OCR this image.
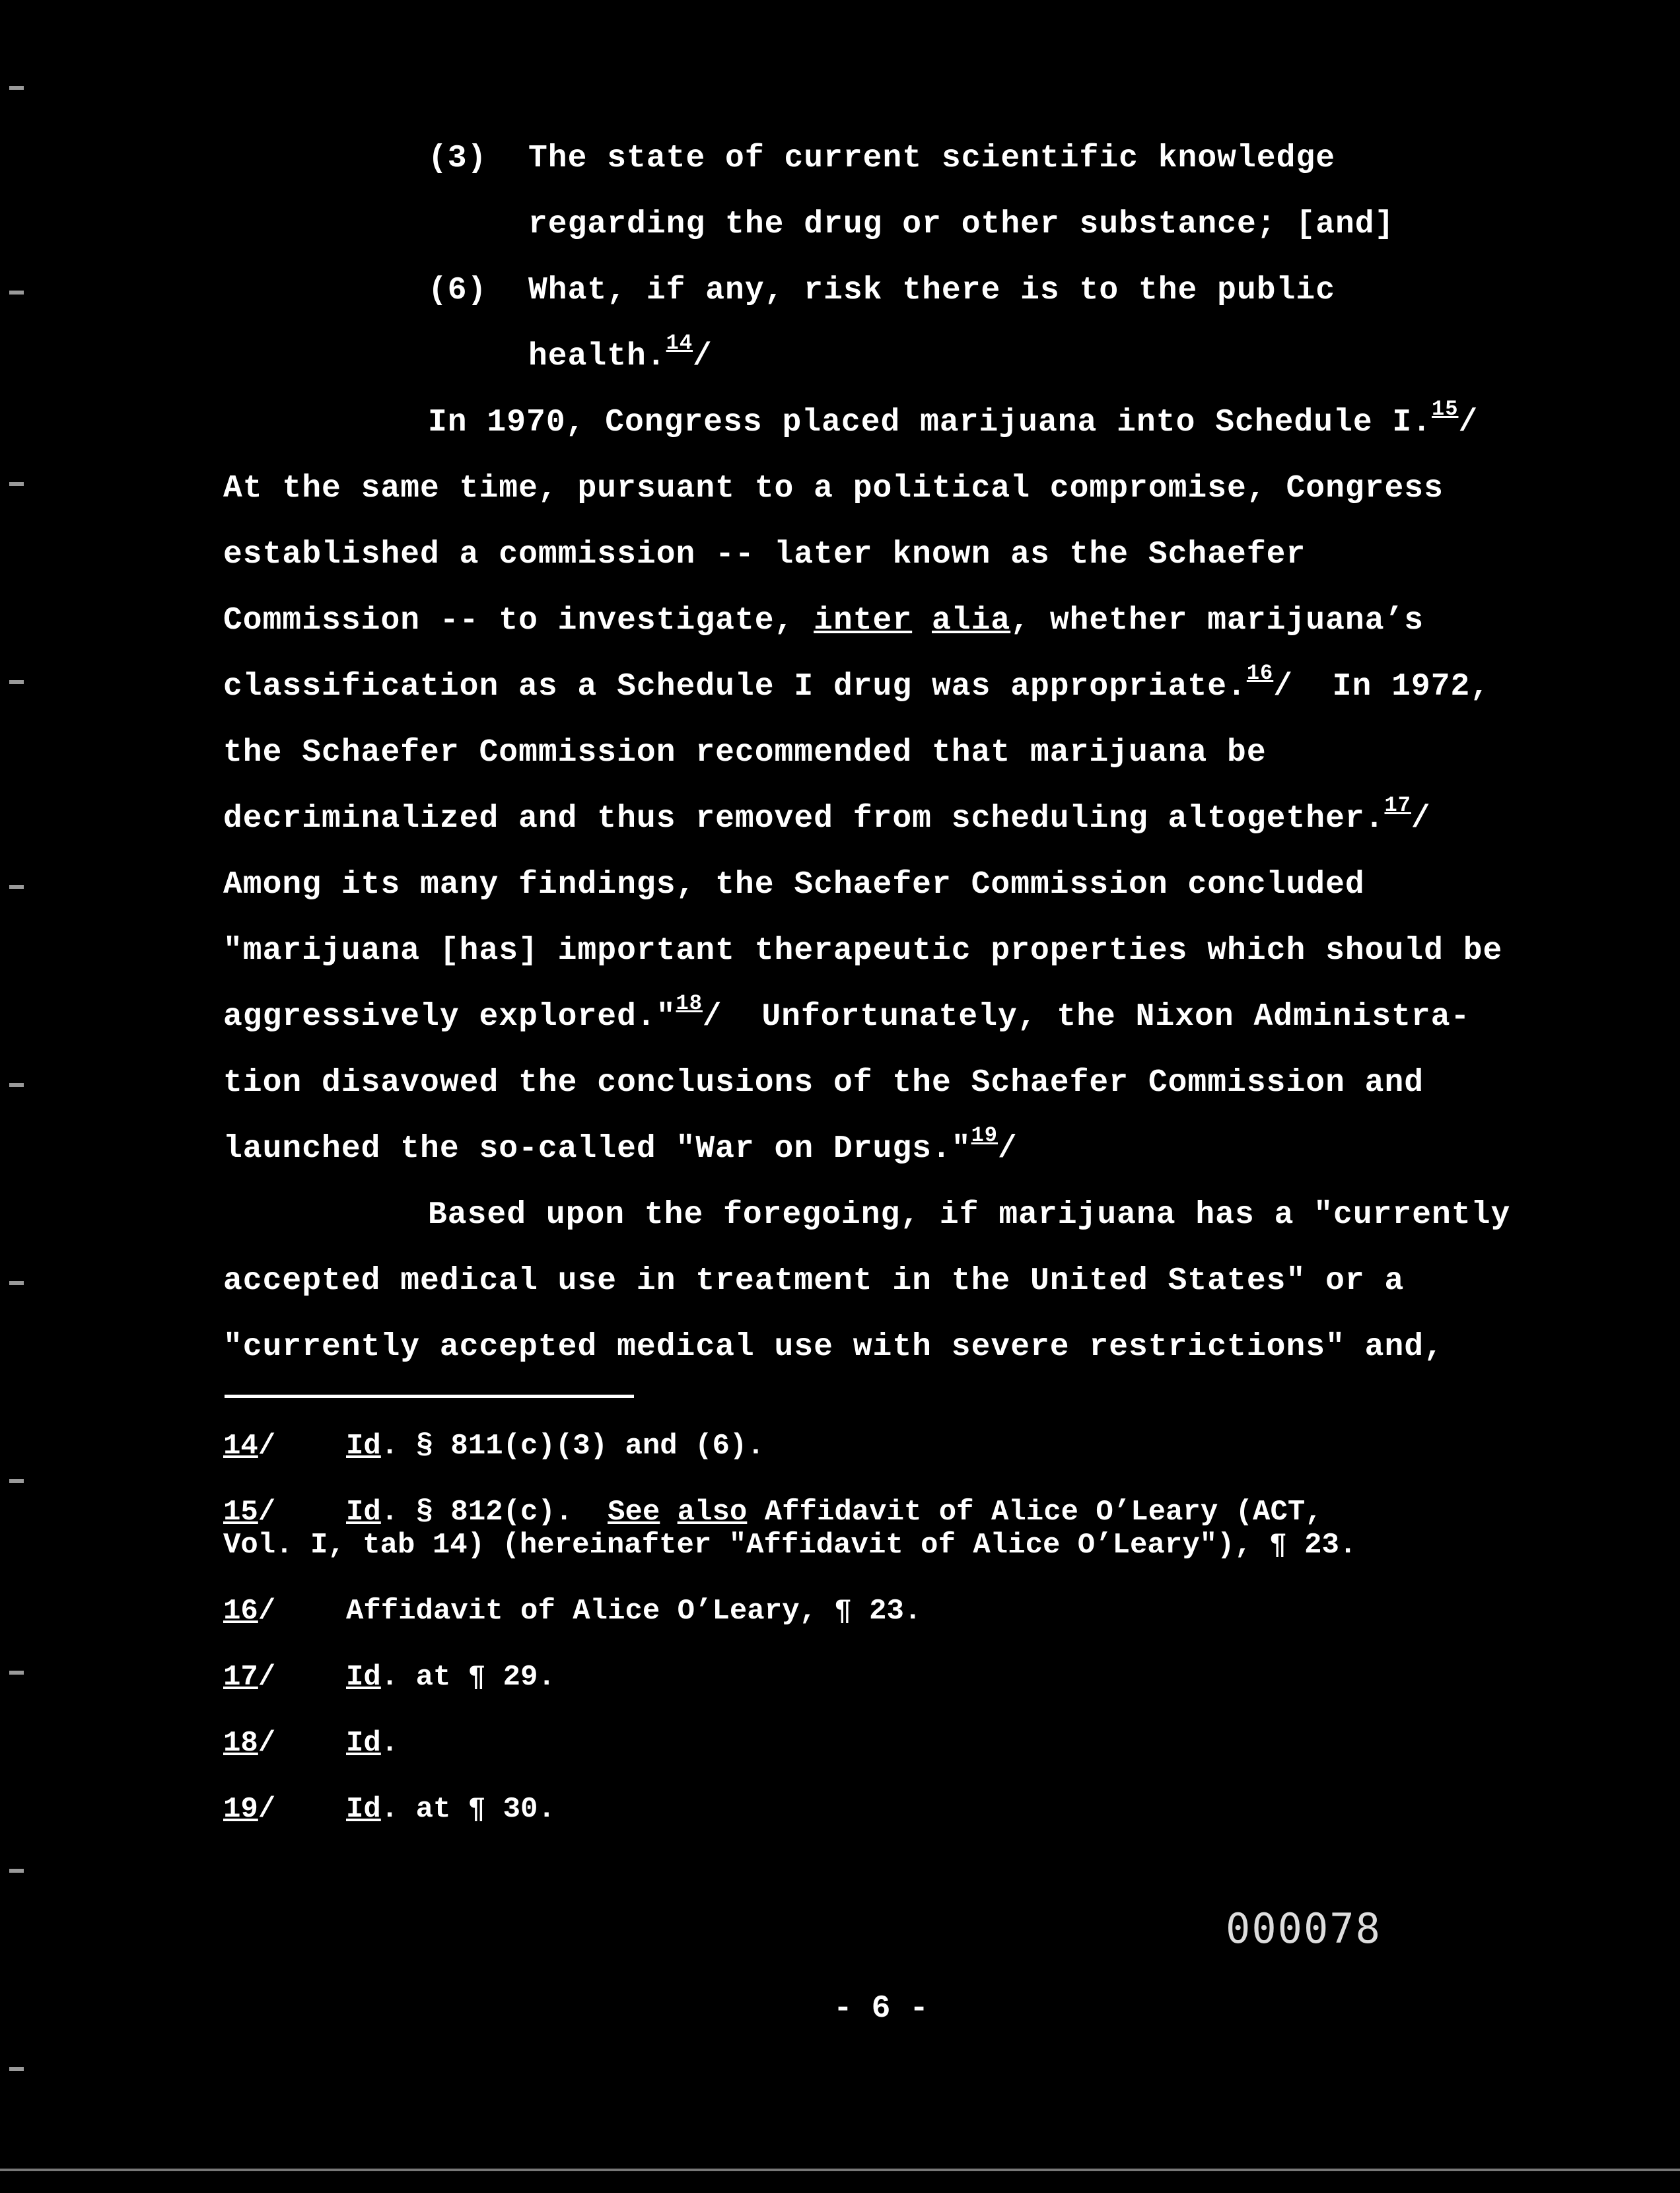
(3) The state of current scientific knowledge
regarding the drug or other substance; [and]
(6) What, if any, risk there is to the public
health.$^{14}$/
In 1970, Congress placed marijuana into Schedule I.$^{15}$/
At the same time, pursuant to a political compromise, Congress
established a commission -- later known as the Schaefer
Commission -- to investigate, inter alia, whether marijuana’s
classification as a Schedule I drug was appropriate.$^{16}$/  In 1972,
the Schaefer Commission recommended that marijuana be
decriminalized and thus removed from scheduling altogether.$^{17}$/
Among its many findings, the Schaefer Commission concluded
"marijuana [has] important therapeutic properties which should be
aggressively explored."$^{18}$/  Unfortunately, the Nixon Administra-
tion disavowed the conclusions of the Schaefer Commission and
launched the so-called "War on Drugs."$^{19}$/
Based upon the foregoing, if marijuana has a "currently
accepted medical use in treatment in the United States" or a
"currently accepted medical use with severe restrictions" and,
14/ Id. § 811(c)(3) and (6).
15/ Id. § 812(c).  See also Affidavit of Alice O’Leary (ACT,
Vol. I, tab 14) (hereinafter "Affidavit of Alice O’Leary"), ¶ 23.
16/ Affidavit of Alice O’Leary, ¶ 23.
17/ Id. at ¶ 29.
18/ Id.
19/ Id. at ¶ 30.
000078
- 6 -
